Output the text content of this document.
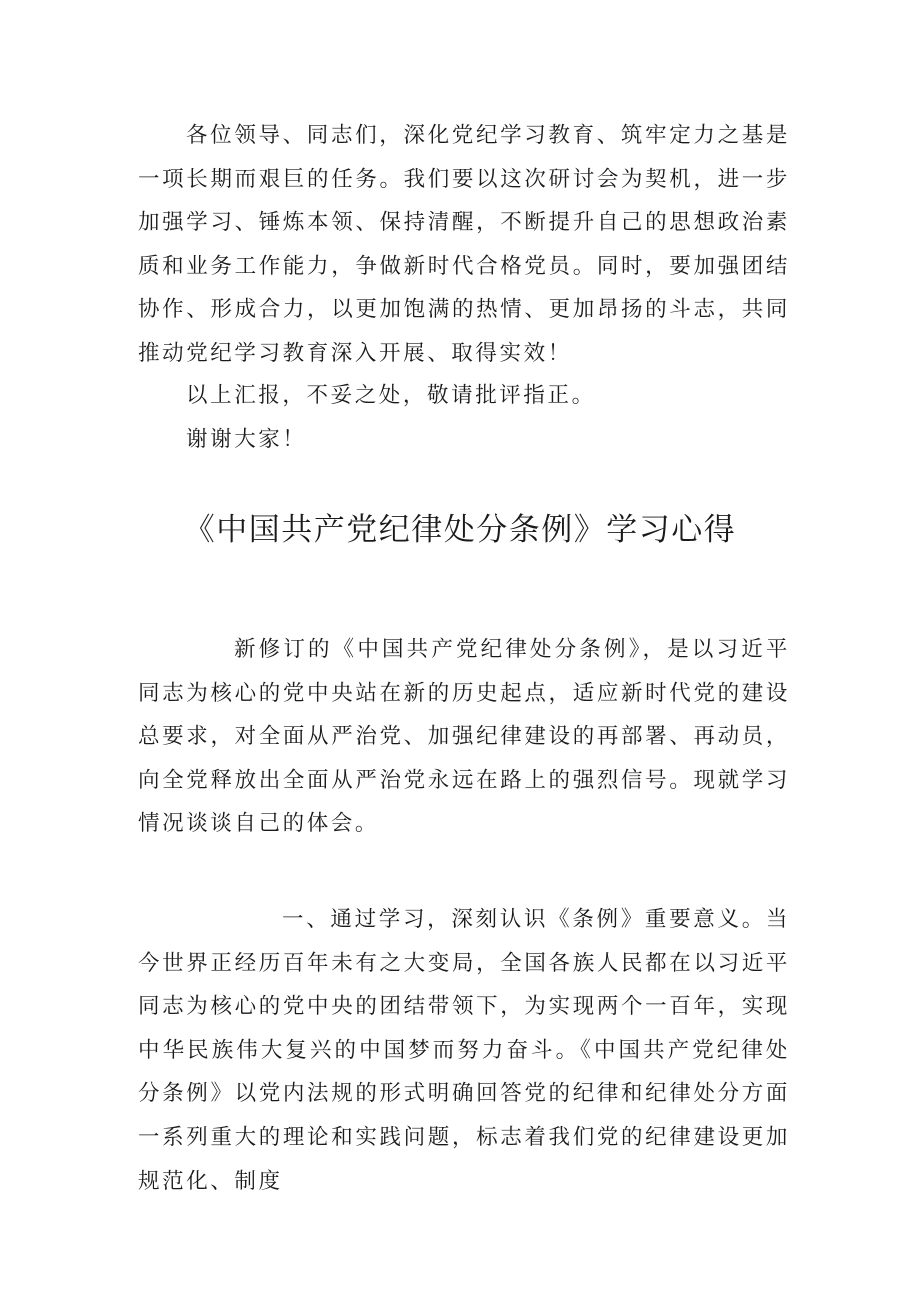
各位领导、同志们，深化党纪学习教育、筑牢定力之基是一项长期而艰巨的任务。我们要以这次研讨会为契机，进一步加强学习、锤炼本领、保持清醒，不断提升自己的思想政治素质和业务工作能力，争做新时代合格党员。同时，要加强团结协作、形成合力，以更加饱满的热情、更加昂扬的斗志，共同推动党纪学习教育深入开展、取得实效！

以上汇报，不妥之处，敬请批评指正。

谢谢大家！

《中国共产党纪律处分条例》学习心得

新修订的《中国共产党纪律处分条例》，是以习近平同志为核心的党中央站在新的历史起点，适应新时代党的建设总要求，对全面从严治党、加强纪律建设的再部署、再动员，向全党释放出全面从严治党永远在路上的强烈信号。现就学习情况谈谈自己的体会。

一、通过学习，深刻认识《条例》重要意义。当今世界正经历百年未有之大变局，全国各族人民都在以习近平同志为核心的党中央的团结带领下，为实现两个一百年，实现中华民族伟大复兴的中国梦而努力奋斗。《中国共产党纪律处分条例》以党内法规的形式明确回答党的纪律和纪律处分方面一系列重大的理论和实践问题，标志着我们党的纪律建设更加规范化、制度
